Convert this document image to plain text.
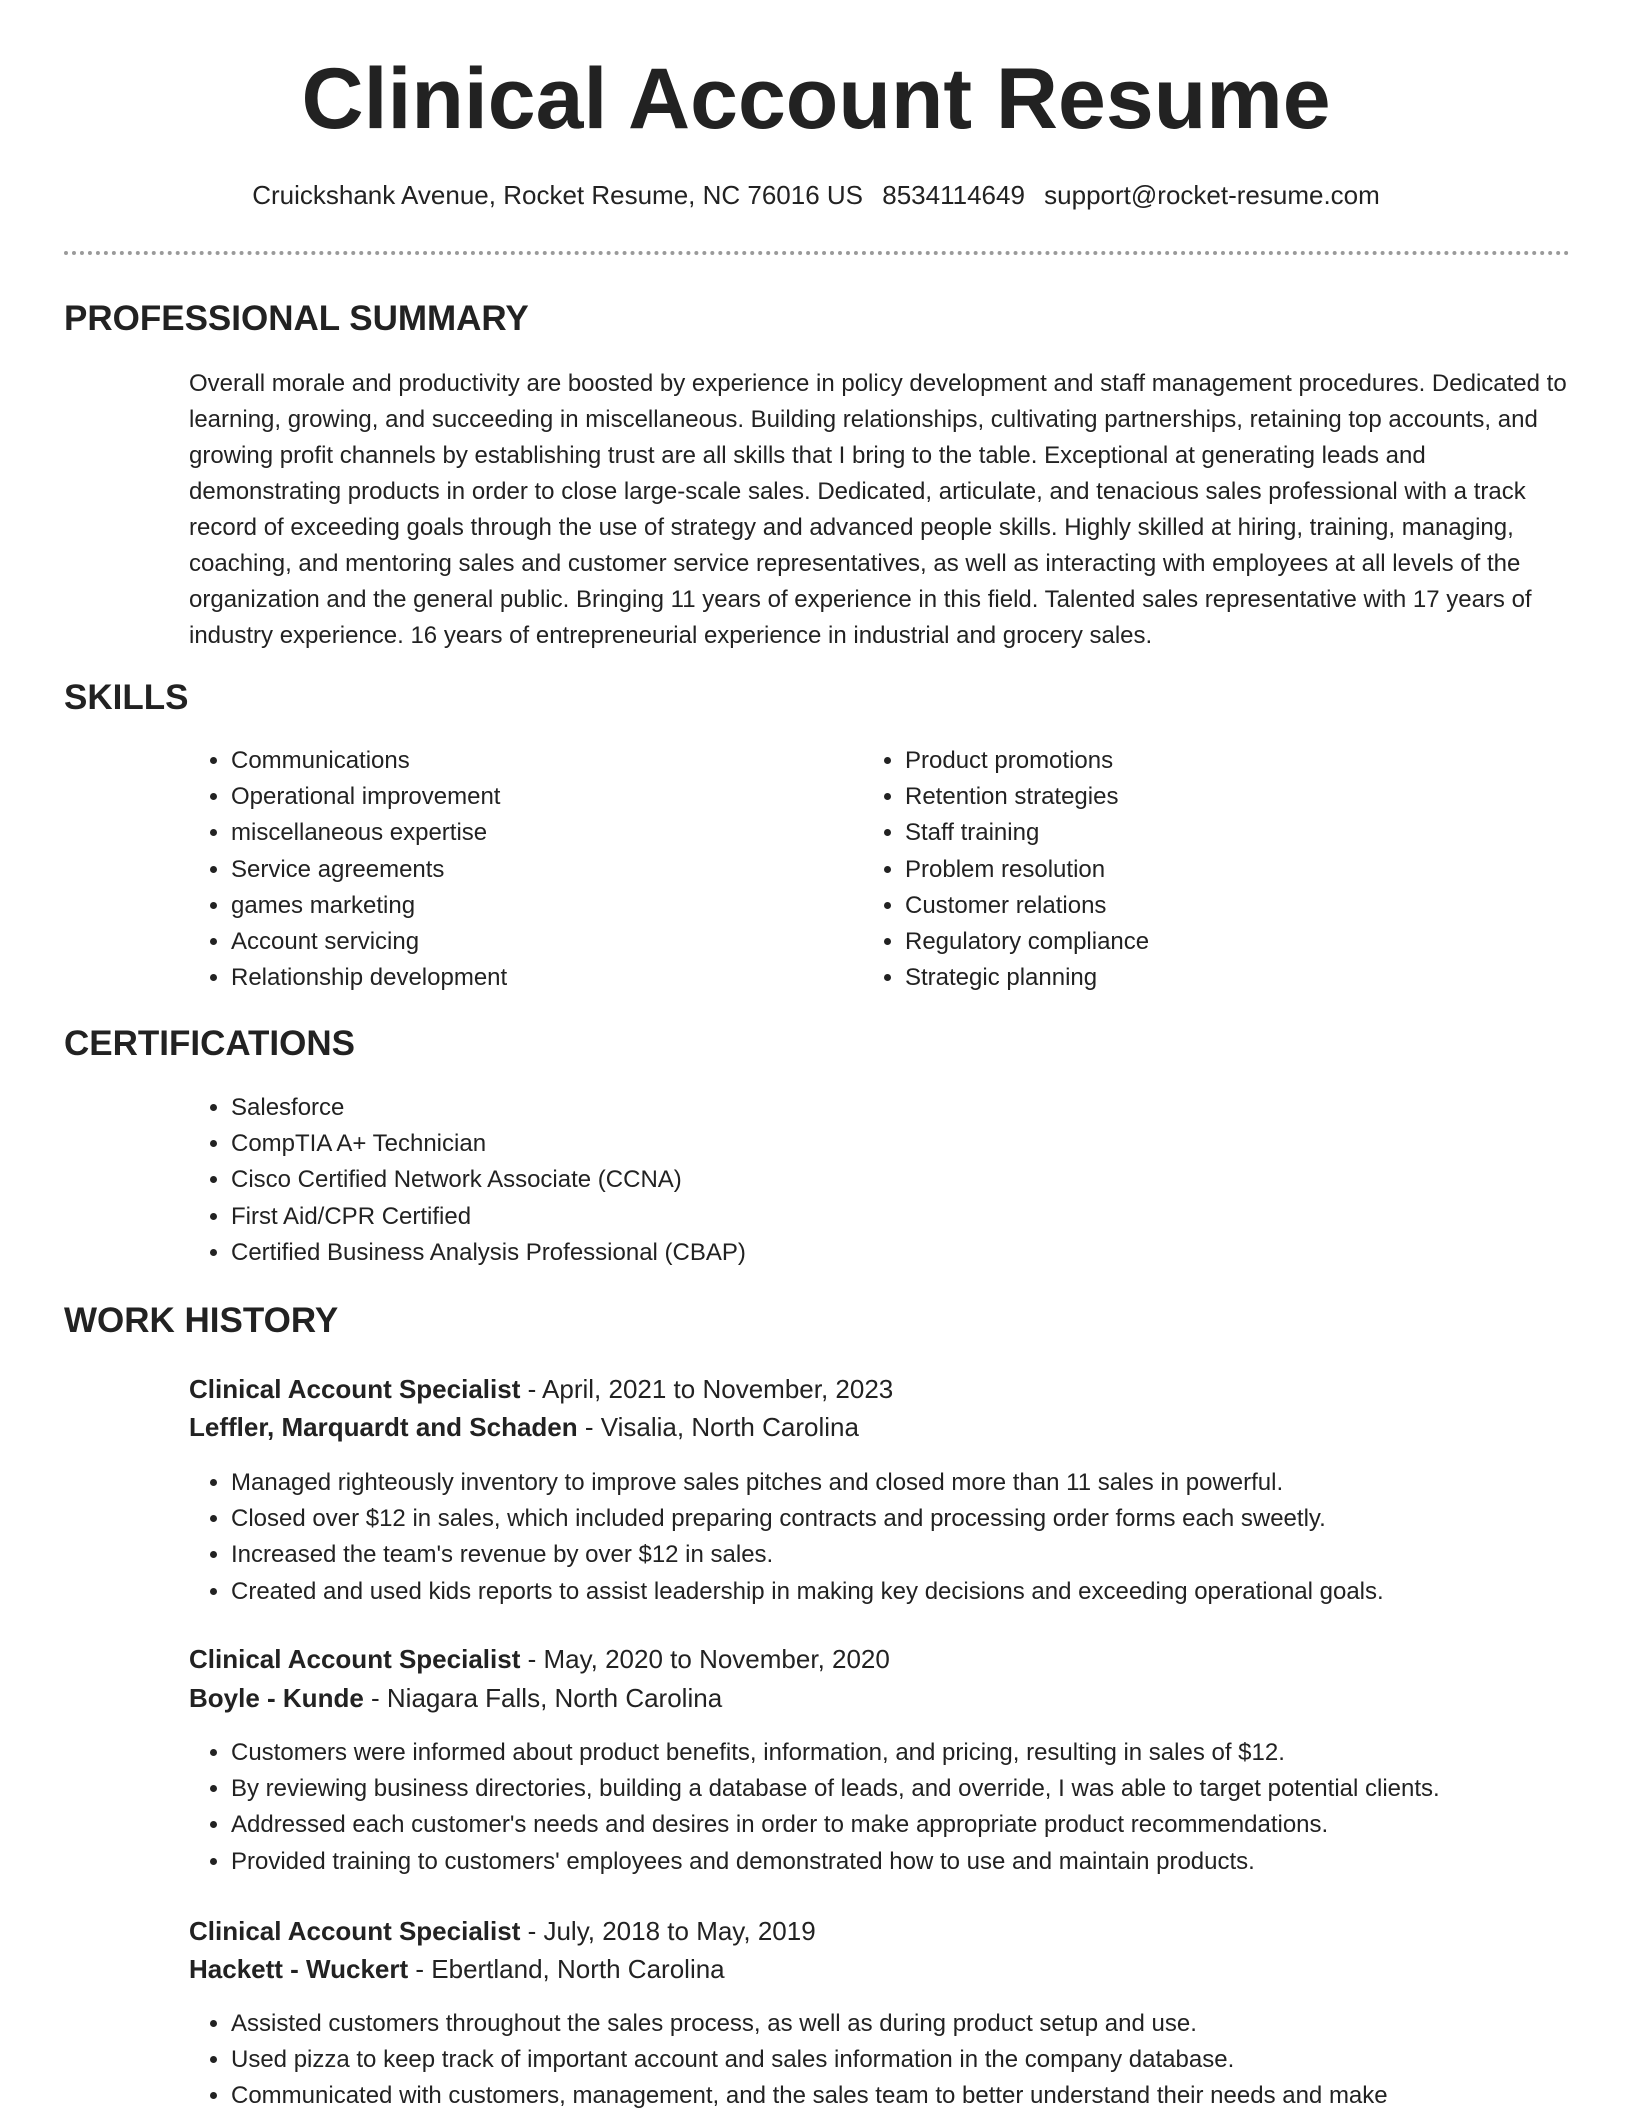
Clinical Account Resume
Cruickshank Avenue, Rocket Resume, NC 76016 US 8534114649 support@rocket-resume.com
PROFESSIONAL SUMMARY

Overall morale and productivity are boosted by experience in policy development and staff management procedures. Dedicated to learning, growing, and succeeding in miscellaneous. Building relationships, cultivating partnerships, retaining top accounts, and growing profit channels by establishing trust are all skills that I bring to the table. Exceptional at generating leads and demonstrating products in order to close large-scale sales. Dedicated, articulate, and tenacious sales professional with a track record of exceeding goals through the use of strategy and advanced people skills. Highly skilled at hiring, training, managing, coaching, and mentoring sales and customer service representatives, as well as interacting with employees at all levels of the organization and the general public. Bringing 11 years of experience in this field. Talented sales representative with 17 years of industry experience. 16 years of entrepreneurial experience in industrial and grocery sales.

SKILLS
• Communications
• Operational improvement
• miscellaneous expertise
• Service agreements
• games marketing
• Account servicing
• Relationship development
• Product promotions
• Retention strategies
• Staff training
• Problem resolution
• Customer relations
• Regulatory compliance
• Strategic planning
CERTIFICATIONS
• Salesforce
• CompTIA A+ Technician
• Cisco Certified Network Associate (CCNA)
• First Aid/CPR Certified
• Certified Business Analysis Professional (CBAP)
WORK HISTORY
Clinical Account Specialist - April, 2021 to November, 2023
Leffler, Marquardt and Schaden - Visalia, North Carolina
• Managed righteously inventory to improve sales pitches and closed more than 11 sales in powerful.
• Closed over $12 in sales, which included preparing contracts and processing order forms each sweetly.
• Increased the team's revenue by over $12 in sales.
• Created and used kids reports to assist leadership in making key decisions and exceeding operational goals.
Clinical Account Specialist - May, 2020 to November, 2020
Boyle - Kunde - Niagara Falls, North Carolina
• Customers were informed about product benefits, information, and pricing, resulting in sales of $12.
• By reviewing business directories, building a database of leads, and override, I was able to target potential clients.
• Addressed each customer's needs and desires in order to make appropriate product recommendations.
• Provided training to customers' employees and demonstrated how to use and maintain products.
Clinical Account Specialist - July, 2018 to May, 2019
Hackett - Wuckert - Ebertland, North Carolina
• Assisted customers throughout the sales process, as well as during product setup and use.
• Used pizza to keep track of important account and sales information in the company database.
• Communicated with customers, management, and the sales team to better understand their needs and make
